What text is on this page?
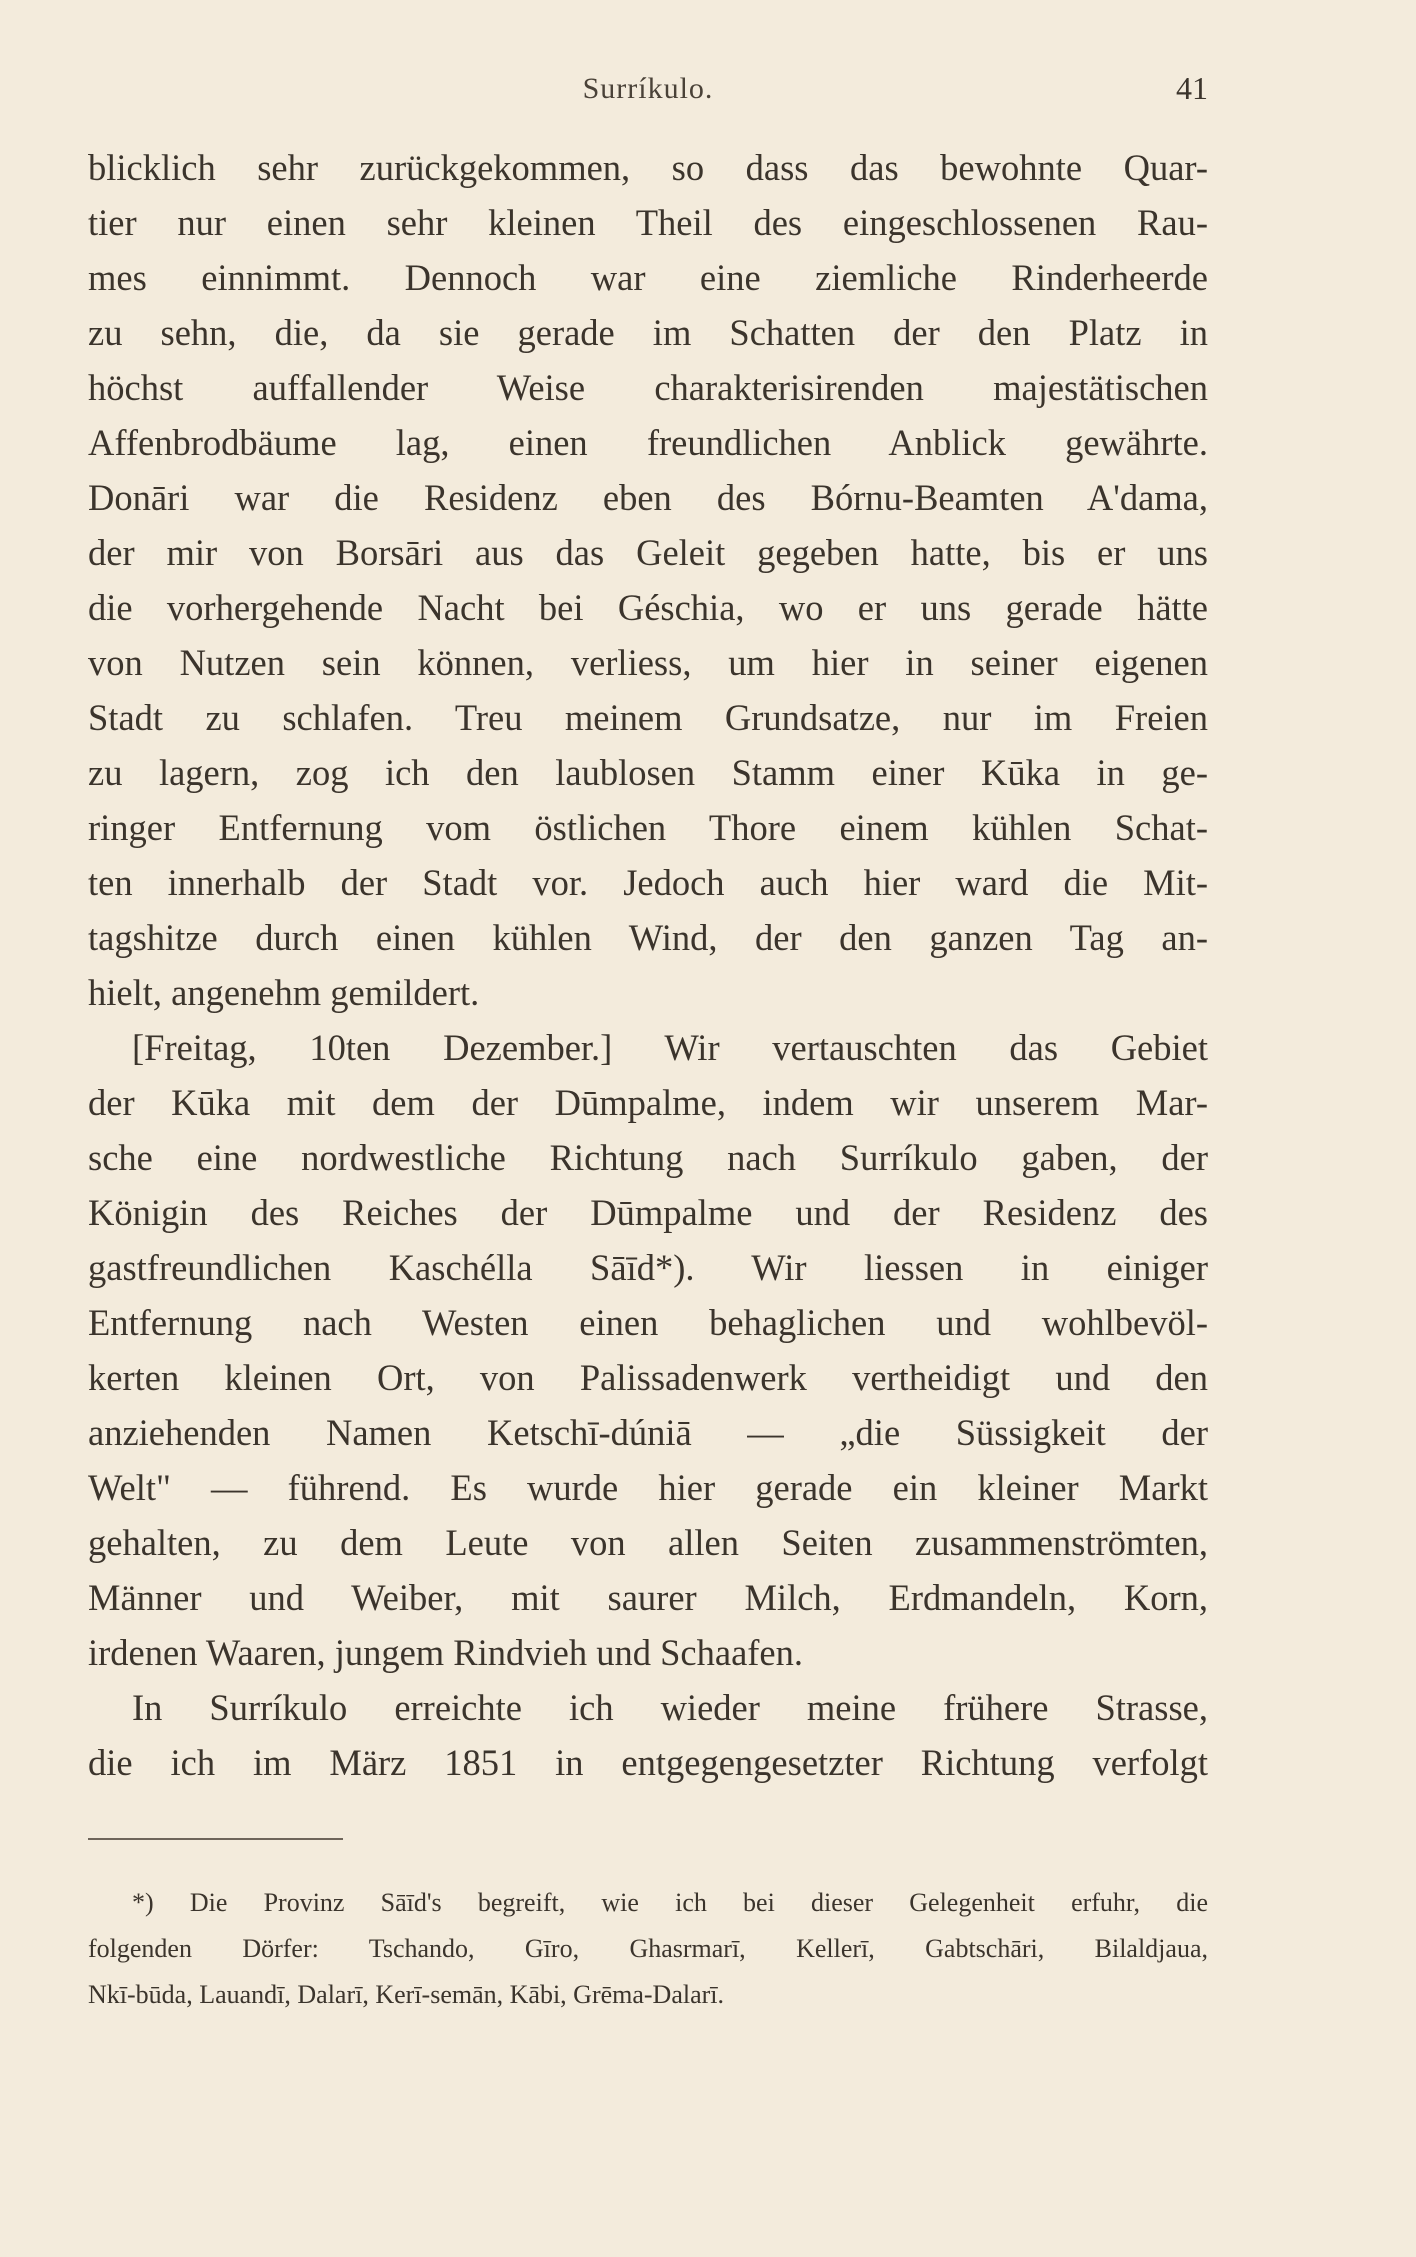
Surríkulo.	41
blicklich sehr zurückgekommen, so dass das bewohnte Quar-
tier nur einen sehr kleinen Theil des eingeschlossenen Rau-
mes einnimmt. Dennoch war eine ziemliche Rinderheerde
zu sehn, die, da sie gerade im Schatten der den Platz in
höchst auffallender Weise charakterisirenden majestätischen
Affenbrodbäume lag, einen freundlichen Anblick gewährte.
Donāri war die Residenz eben des Bórnu-Beamten A'dama,
der mir von Borsāri aus das Geleit gegeben hatte, bis er uns
die vorhergehende Nacht bei Géschia, wo er uns gerade hätte
von Nutzen sein können, verliess, um hier in seiner eigenen
Stadt zu schlafen. Treu meinem Grundsatze, nur im Freien
zu lagern, zog ich den laublosen Stamm einer Kūka in ge-
ringer Entfernung vom östlichen Thore einem kühlen Schat-
ten innerhalb der Stadt vor. Jedoch auch hier ward die Mit-
tagshitze durch einen kühlen Wind, der den ganzen Tag an-
hielt, angenehm gemildert.
[Freitag, 10ten Dezember.] Wir vertauschten das Gebiet
der Kūka mit dem der Dūmpalme, indem wir unserem Mar-
sche eine nordwestliche Richtung nach Surríkulo gaben, der
Königin des Reiches der Dūmpalme und der Residenz des
gastfreundlichen Kaschélla Sāīd*). Wir liessen in einiger
Entfernung nach Westen einen behaglichen und wohlbevöl-
kerten kleinen Ort, von Palissadenwerk vertheidigt und den
anziehenden Namen Ketschī-dúniā — „die Süssigkeit der
Welt" — führend. Es wurde hier gerade ein kleiner Markt
gehalten, zu dem Leute von allen Seiten zusammenströmten,
Männer und Weiber, mit saurer Milch, Erdmandeln, Korn,
irdenen Waaren, jungem Rindvieh und Schaafen.
In Surríkulo erreichte ich wieder meine frühere Strasse,
die ich im März 1851 in entgegengesetzter Richtung verfolgt
*) Die Provinz Sāīd's begreift, wie ich bei dieser Gelegenheit erfuhr, die
folgenden Dörfer: Tschando, Gīro, Ghasrmarī, Kellerī, Gabtschāri, Bilaldjaua,
Nkī-būda, Lauandī, Dalarī, Kerī-semān, Kābi, Grēma-Dalarī.
